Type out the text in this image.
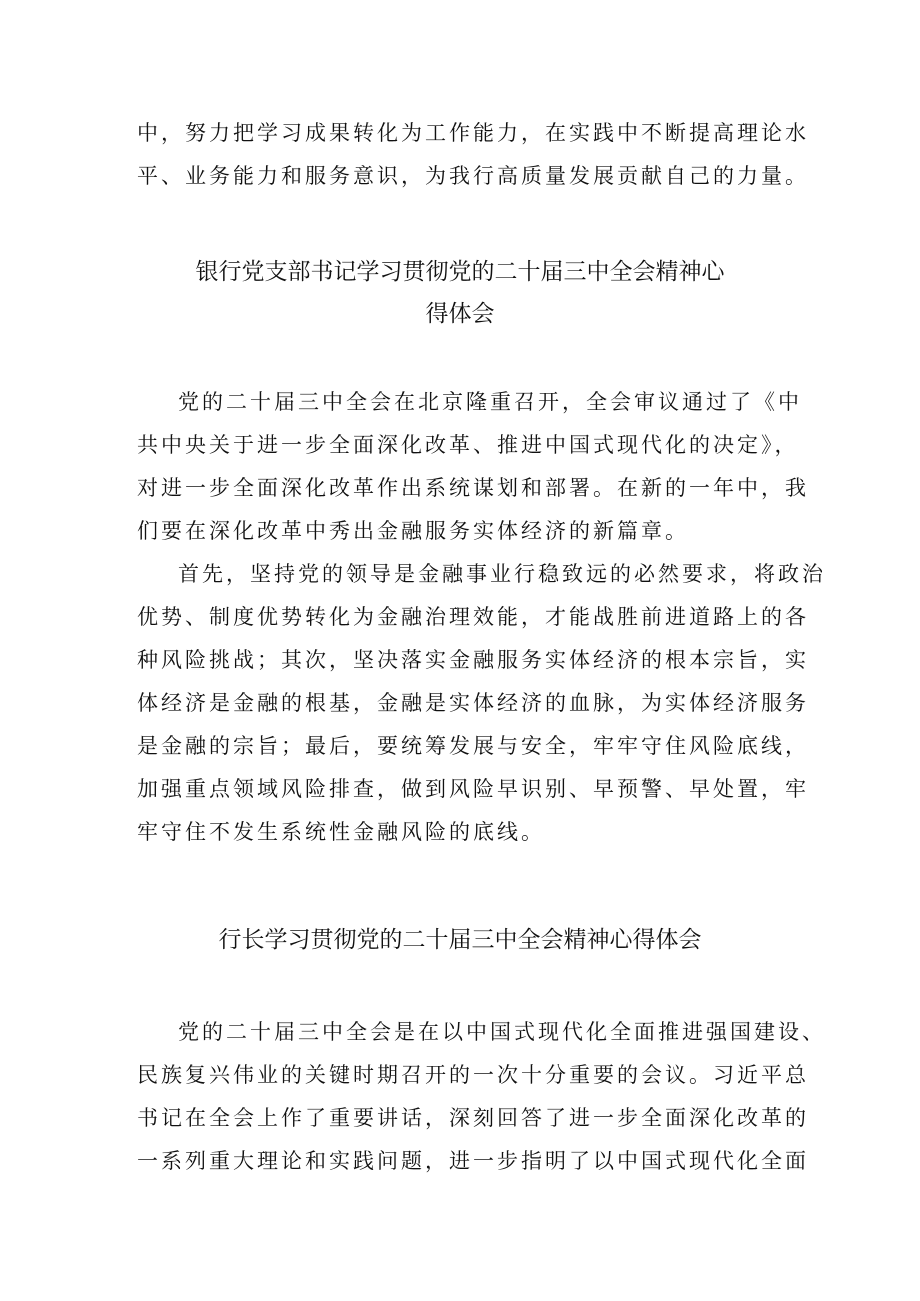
中，努力把学习成果转化为工作能力，在实践中不断提高理论水
平、业务能力和服务意识，为我行高质量发展贡献自己的力量。
银行党支部书记学习贯彻党的二十届三中全会精神心
得体会
党的二十届三中全会在北京隆重召开，全会审议通过了《中
共中央关于进一步全面深化改革、推进中国式现代化的决定》，
对进一步全面深化改革作出系统谋划和部署。在新的一年中，我
们要在深化改革中秀出金融服务实体经济的新篇章。
首先，坚持党的领导是金融事业行稳致远的必然要求，将政治
优势、制度优势转化为金融治理效能，才能战胜前进道路上的各
种风险挑战；其次，坚决落实金融服务实体经济的根本宗旨，实
体经济是金融的根基，金融是实体经济的血脉，为实体经济服务
是金融的宗旨；最后，要统筹发展与安全，牢牢守住风险底线，
加强重点领域风险排查，做到风险早识别、早预警、早处置，牢
牢守住不发生系统性金融风险的底线。
行长学习贯彻党的二十届三中全会精神心得体会
党的二十届三中全会是在以中国式现代化全面推进强国建设、
民族复兴伟业的关键时期召开的一次十分重要的会议。习近平总
书记在全会上作了重要讲话，深刻回答了进一步全面深化改革的
一系列重大理论和实践问题，进一步指明了以中国式现代化全面
